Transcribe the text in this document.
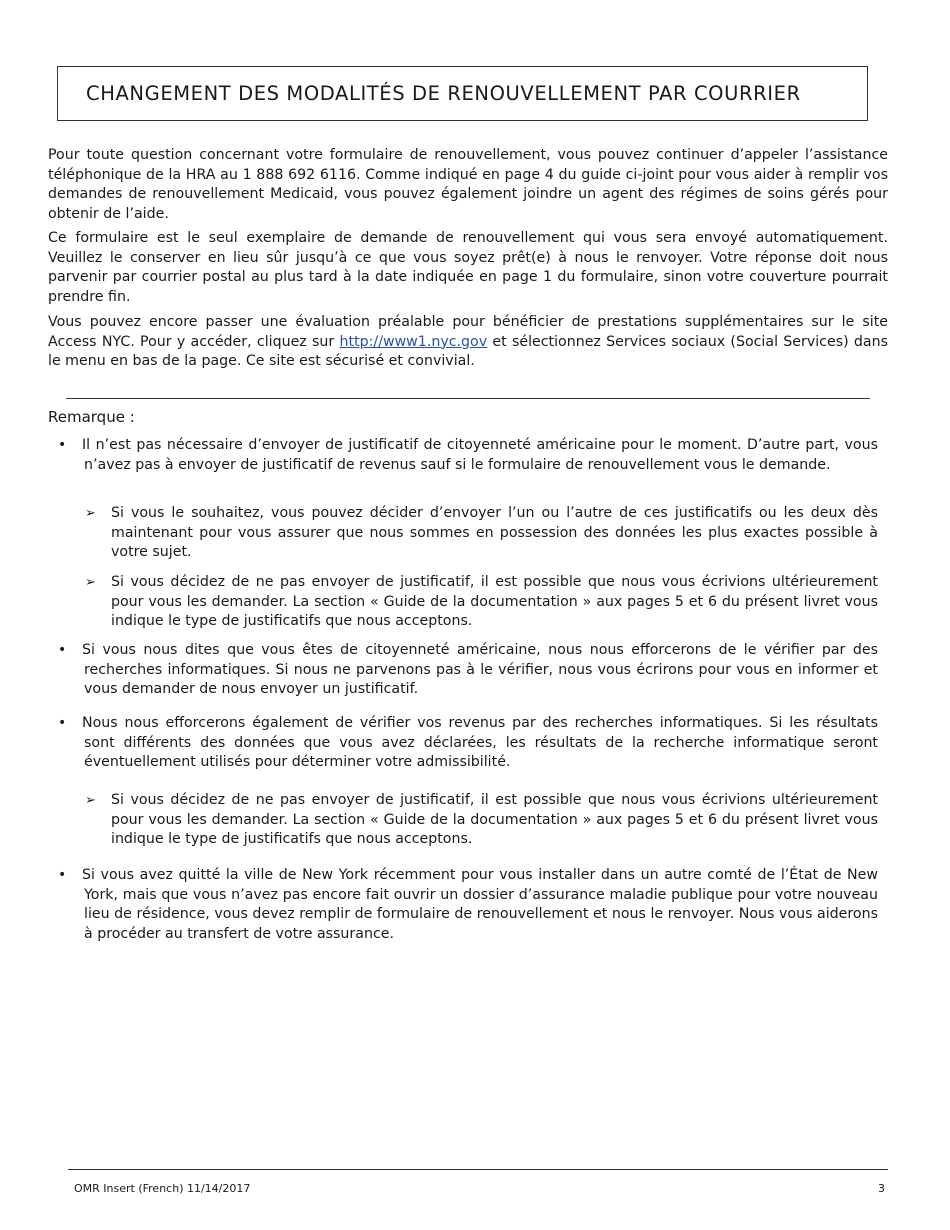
CHANGEMENT DES MODALITÉS DE RENOUVELLEMENT PAR COURRIER

Pour toute question concernant votre formulaire de renouvellement, vous pouvez continuer d’appeler l’assistance téléphonique de la HRA au 1 888 692 6116. Comme indiqué en page 4 du guide ci-joint pour vous aider à remplir vos demandes de renouvellement Medicaid, vous pouvez également joindre un agent des régimes de soins gérés pour obtenir de l’aide.

Ce formulaire est le seul exemplaire de demande de renouvellement qui vous sera envoyé automatiquement. Veuillez le conserver en lieu sûr jusqu’à ce que vous soyez prêt(e) à nous le renvoyer. Votre réponse doit nous parvenir par courrier postal au plus tard à la date indiquée en page 1 du formulaire, sinon votre couverture pourrait prendre fin.

Vous pouvez encore passer une évaluation préalable pour bénéficier de prestations supplémentaires sur le site Access NYC. Pour y accéder, cliquez sur http://www1.nyc.gov et sélectionnez Services sociaux (Social Services) dans le menu en bas de la page. Ce site est sécurisé et convivial.

Remarque :
• Il n’est pas nécessaire d’envoyer de justificatif de citoyenneté américaine pour le moment. D’autre part, vous n’avez pas à envoyer de justificatif de revenus sauf si le formulaire de renouvellement vous le demande.

➢ Si vous le souhaitez, vous pouvez décider d’envoyer l’un ou l’autre de ces justificatifs ou les deux dès maintenant pour vous assurer que nous sommes en possession des données les plus exactes possible à votre sujet.

➢ Si vous décidez de ne pas envoyer de justificatif, il est possible que nous vous écrivions ultérieurement pour vous les demander. La section « Guide de la documentation » aux pages 5 et 6 du présent livret vous indique le type de justificatifs que nous acceptons.

• Si vous nous dites que vous êtes de citoyenneté américaine, nous nous efforcerons de le vérifier par des recherches informatiques. Si nous ne parvenons pas à le vérifier, nous vous écrirons pour vous en informer et vous demander de nous envoyer un justificatif.

• Nous nous efforcerons également de vérifier vos revenus par des recherches informatiques. Si les résultats sont différents des données que vous avez déclarées, les résultats de la recherche informatique seront éventuellement utilisés pour déterminer votre admissibilité.

➢ Si vous décidez de ne pas envoyer de justificatif, il est possible que nous vous écrivions ultérieurement pour vous les demander. La section « Guide de la documentation » aux pages 5 et 6 du présent livret vous indique le type de justificatifs que nous acceptons.

• Si vous avez quitté la ville de New York récemment pour vous installer dans un autre comté de l’État de New York, mais que vous n’avez pas encore fait ouvrir un dossier d’assurance maladie publique pour votre nouveau lieu de résidence, vous devez remplir de formulaire de renouvellement et nous le renvoyer. Nous vous aiderons à procéder au transfert de votre assurance.

OMR Insert (French) 11/14/2017	3
